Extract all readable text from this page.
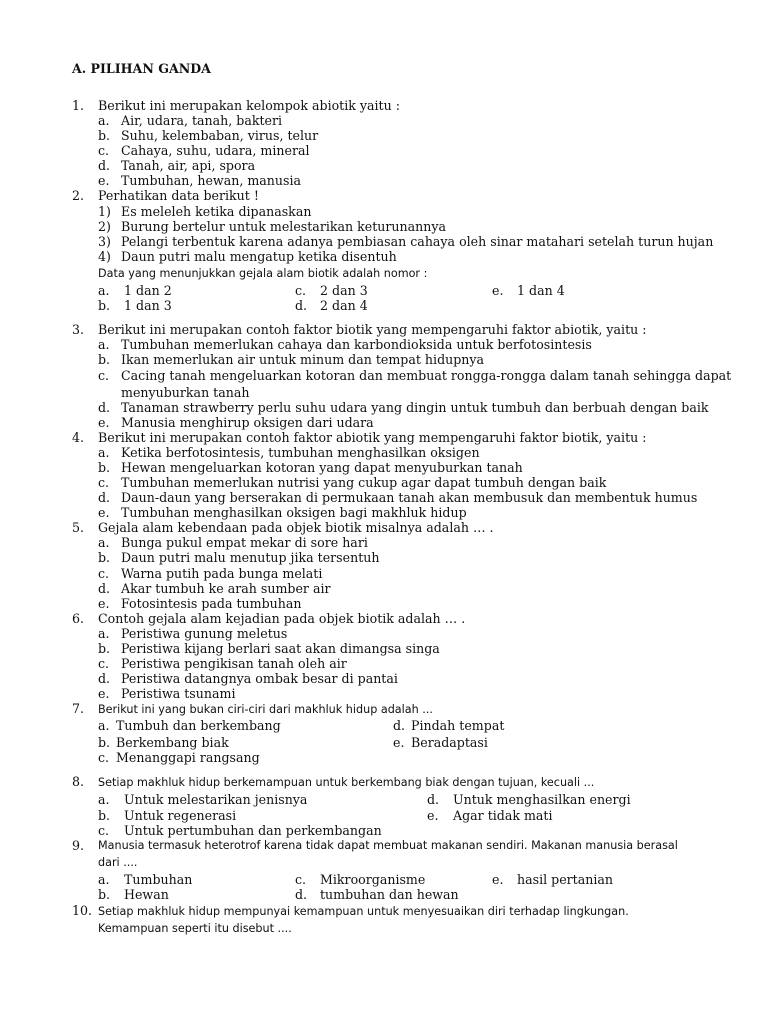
A. PILIHAN GANDA
1. Berikut ini merupakan kelompok abiotik yaitu :
a. Air, udara, tanah, bakteri
b. Suhu, kelembaban, virus, telur
c. Cahaya, suhu, udara, mineral
d. Tanah, air, api, spora
e. Tumbuhan, hewan, manusia
2. Perhatikan data berikut !
1) Es meleleh ketika dipanaskan
2) Burung bertelur untuk melestarikan keturunannya
3) Pelangi terbentuk karena adanya pembiasan cahaya oleh sinar matahari setelah turun hujan
4) Daun putri malu mengatup ketika disentuh
Data yang menunjukkan gejala alam biotik adalah nomor :
a. 1 dan 2	c. 2 dan 3	e. 1 dan 4
b. 1 dan 3	d. 2 dan 4
3. Berikut ini merupakan contoh faktor biotik yang mempengaruhi faktor abiotik, yaitu :
a. Tumbuhan memerlukan cahaya dan karbondioksida untuk berfotosintesis
b. Ikan memerlukan air untuk minum dan tempat hidupnya
c. Cacing tanah mengeluarkan kotoran dan membuat rongga-rongga dalam tanah sehingga dapat
menyuburkan tanah
d. Tanaman strawberry perlu suhu udara yang dingin untuk tumbuh dan berbuah dengan baik
e. Manusia menghirup oksigen dari udara
4. Berikut ini merupakan contoh faktor abiotik yang mempengaruhi faktor biotik, yaitu :
a. Ketika berfotosintesis, tumbuhan menghasilkan oksigen
b. Hewan mengeluarkan kotoran yang dapat menyuburkan tanah
c. Tumbuhan memerlukan nutrisi yang cukup agar dapat tumbuh dengan baik
d. Daun-daun yang berserakan di permukaan tanah akan membusuk dan membentuk humus
e. Tumbuhan menghasilkan oksigen bagi makhluk hidup
5. Gejala alam kebendaan pada objek biotik misalnya adalah … .
a. Bunga pukul empat mekar di sore hari
b. Daun putri malu menutup jika tersentuh
c. Warna putih pada bunga melati
d. Akar tumbuh ke arah sumber air
e. Fotosintesis pada tumbuhan
6. Contoh gejala alam kejadian pada objek biotik adalah … .
a. Peristiwa gunung meletus
b. Peristiwa kijang berlari saat akan dimangsa singa
c. Peristiwa pengikisan tanah oleh air
d. Peristiwa datangnya ombak besar di pantai
e. Peristiwa tsunami
7. Berikut ini yang bukan ciri-ciri dari makhluk hidup adalah ...
a. Tumbuh dan berkembang	d. Pindah tempat
b. Berkembang biak	e. Beradaptasi
c. Menanggapi rangsang
8. Setiap makhluk hidup berkemampuan untuk berkembang biak dengan tujuan, kecuali ...
a. Untuk melestarikan jenisnya	d. Untuk menghasilkan energi
b. Untuk regenerasi	e. Agar tidak mati
c. Untuk pertumbuhan dan perkembangan
9. Manusia termasuk heterotrof karena tidak dapat membuat makanan sendiri. Makanan manusia berasal
dari ....
a. Tumbuhan	c. Mikroorganisme	e. hasil pertanian
b. Hewan	d. tumbuhan dan hewan
10. Setiap makhluk hidup mempunyai kemampuan untuk menyesuaikan diri terhadap lingkungan.
Kemampuan seperti itu disebut ....
